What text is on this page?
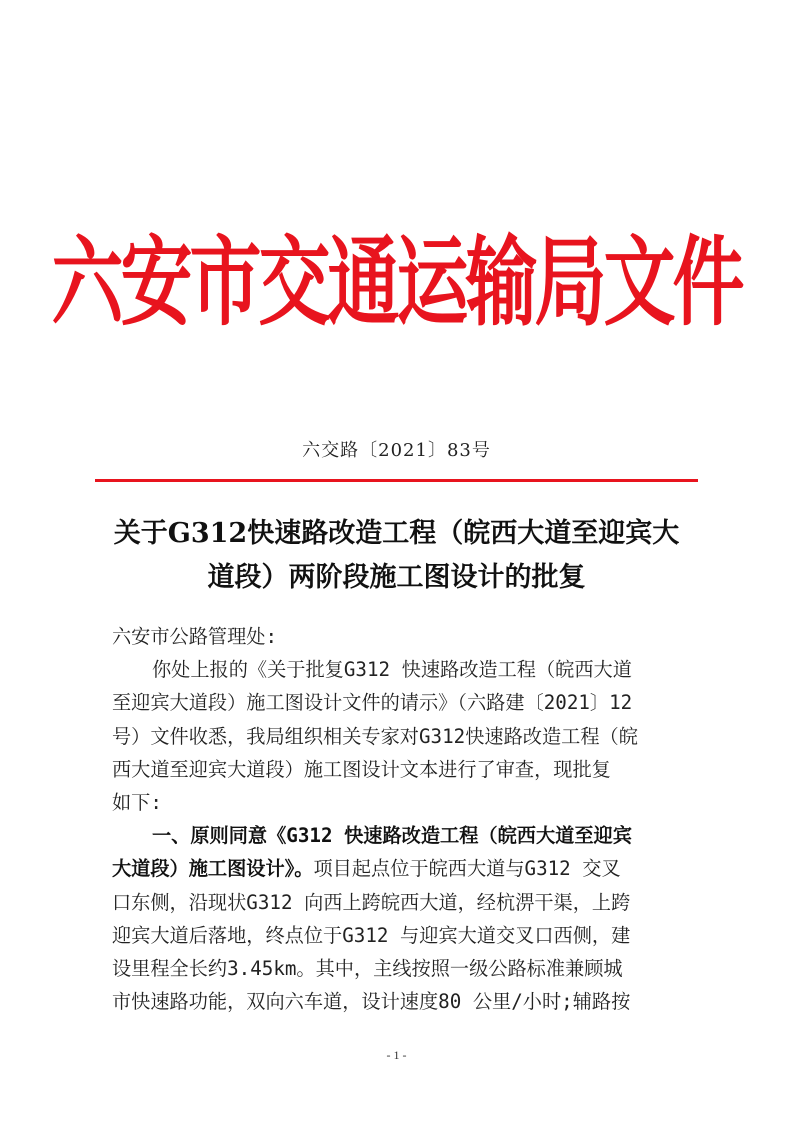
六安市交通运输局文件
六交路〔2021〕83号
关于G312快速路改造工程（皖西大道至迎宾大
道段）两阶段施工图设计的批复
六安市公路管理处:
你处上报的《关于批复G312 快速路改造工程（皖西大道
至迎宾大道段）施工图设计文件的请示》（六路建〔2021〕12
号）文件收悉，我局组织相关专家对G312快速路改造工程（皖
西大道至迎宾大道段）施工图设计文本进行了审查，现批复
如下:
一、原则同意《G312 快速路改造工程（皖西大道至迎宾
大道段）施工图设计》。项目起点位于皖西大道与G312 交叉
口东侧，沿现状G312 向西上跨皖西大道，经杭淠干渠，上跨
迎宾大道后落地，终点位于G312 与迎宾大道交叉口西侧，建
设里程全长约3.45km。其中，主线按照一级公路标准兼顾城
市快速路功能，双向六车道，设计速度80 公里/小时;辅路按
- 1 -
